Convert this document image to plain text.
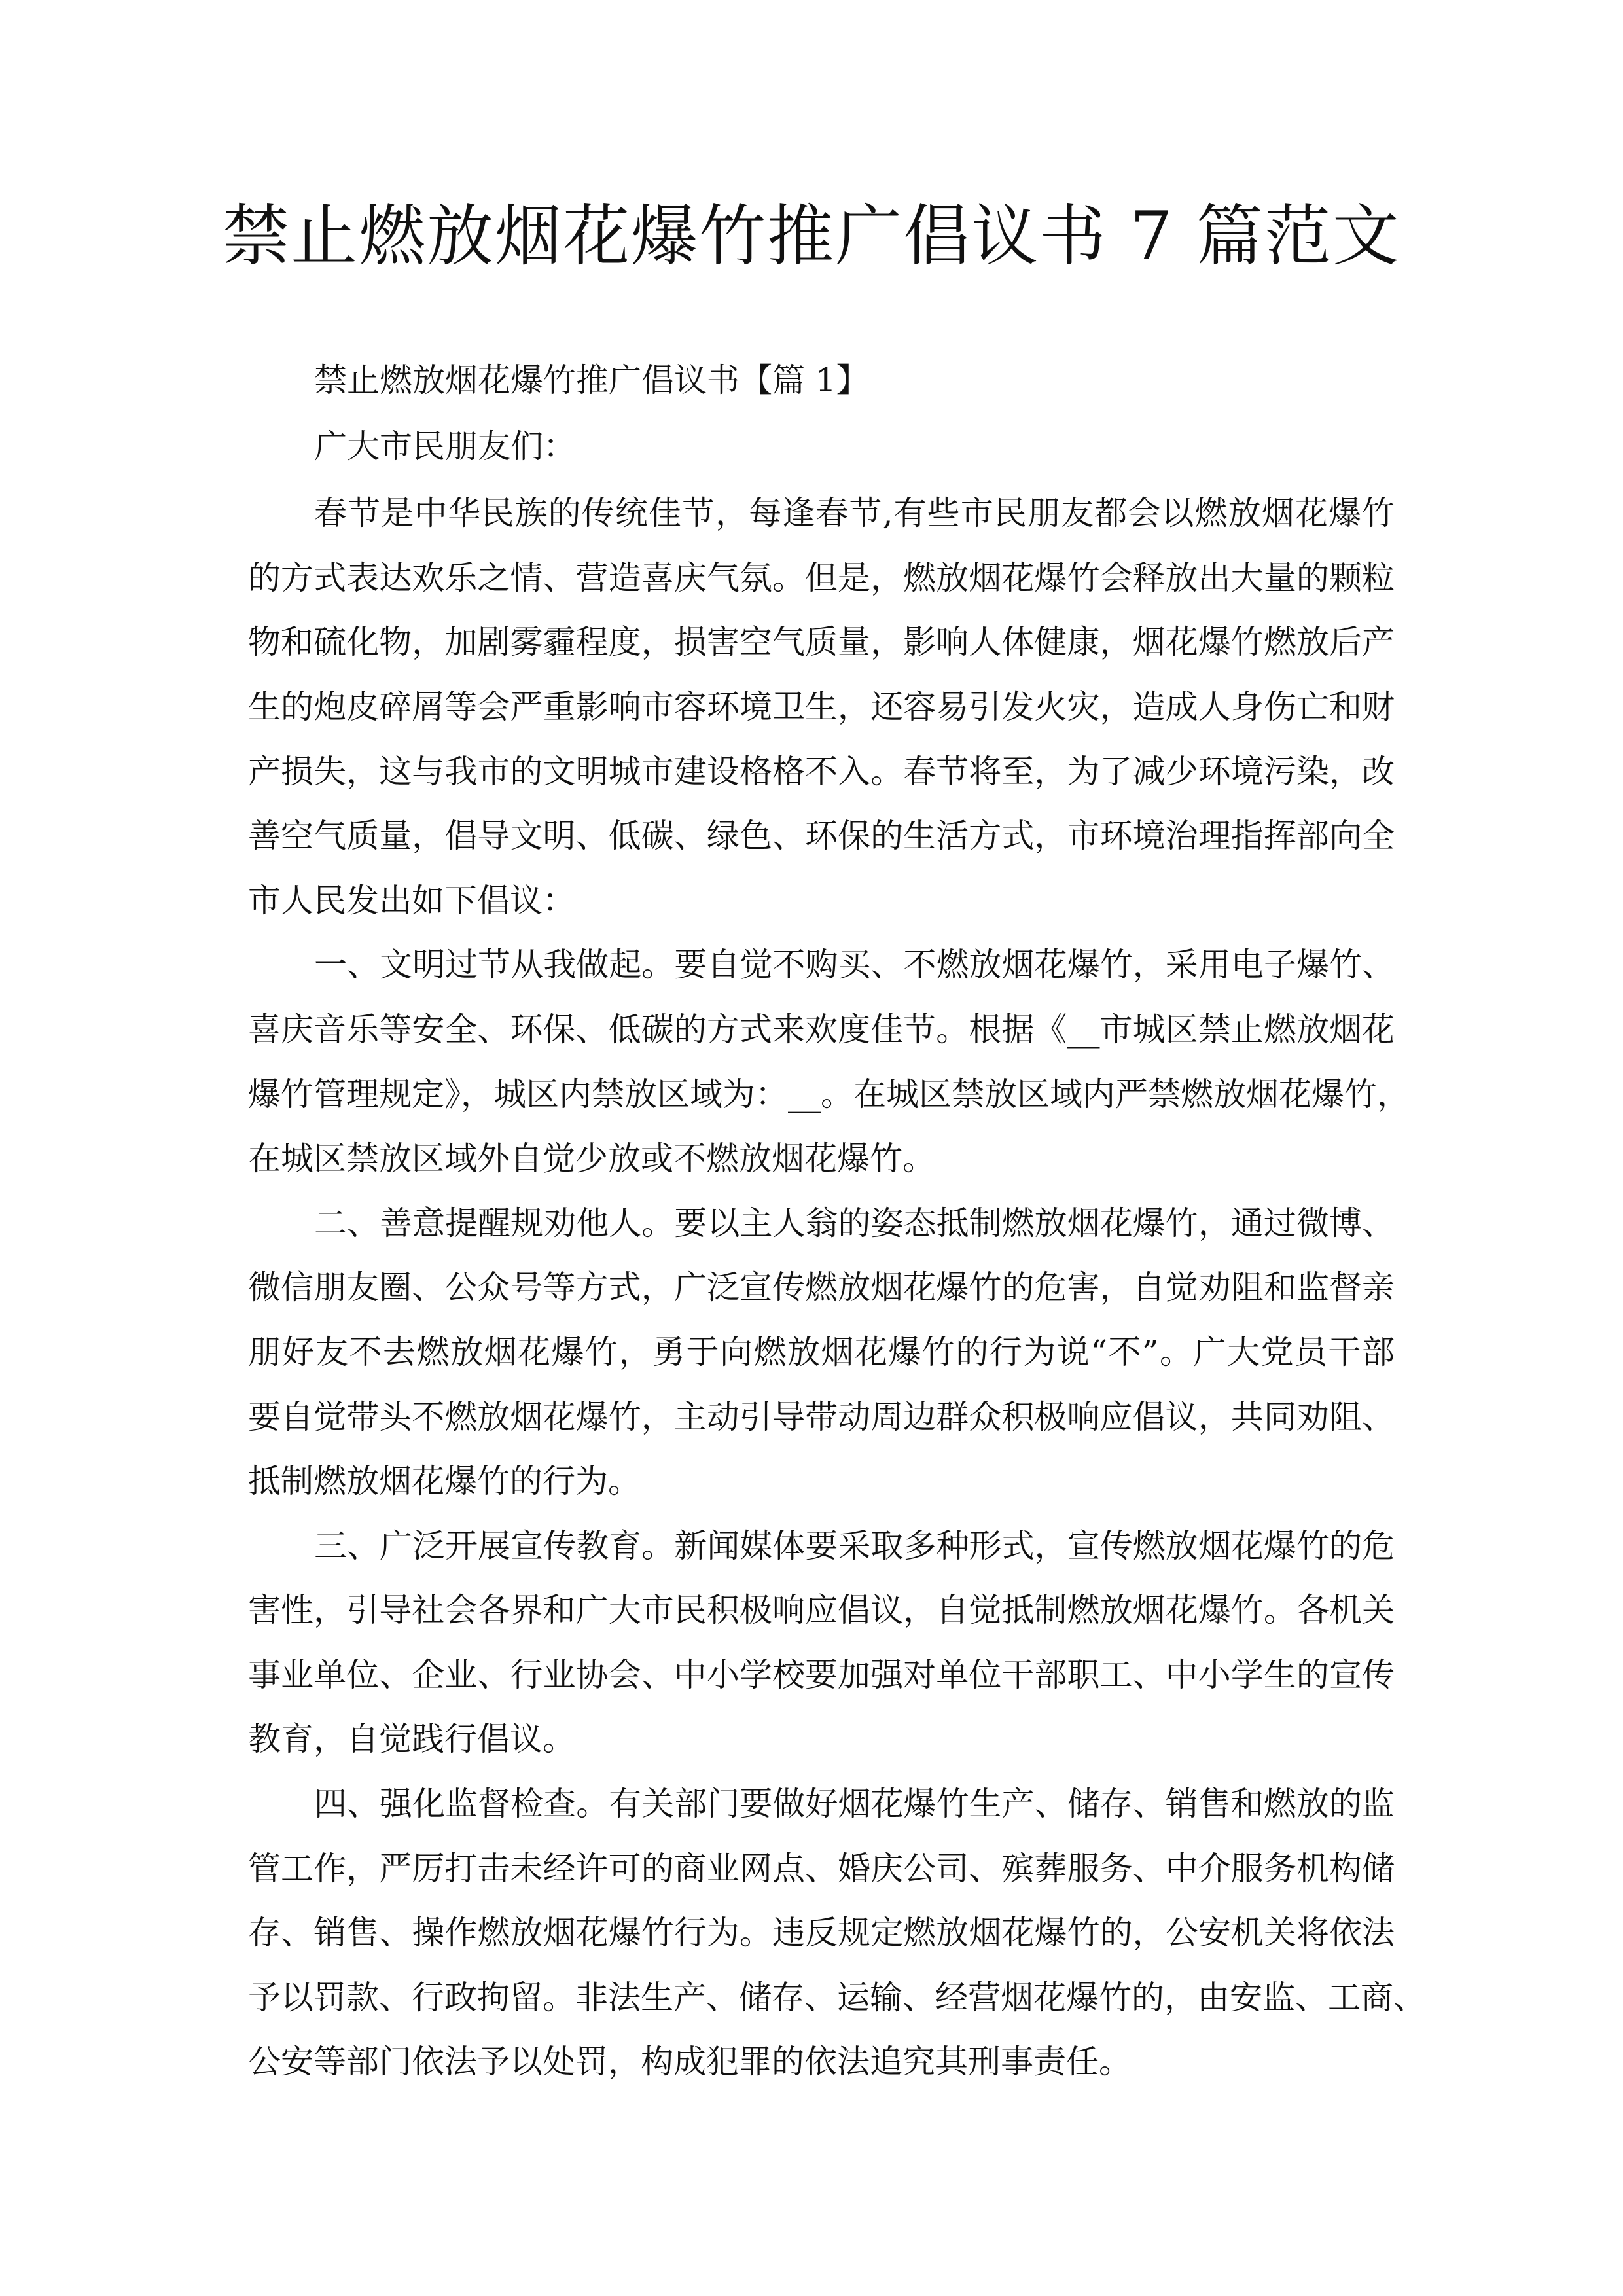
禁止燃放烟花爆竹推广倡议书 7 篇范文
禁止燃放烟花爆竹推广倡议书【篇 1】
广大市民朋友们：
春节是中华民族的传统佳节，每逢春节,有些市民朋友都会以燃放烟花爆竹
的方式表达欢乐之情、营造喜庆气氛。但是，燃放烟花爆竹会释放出大量的颗粒
物和硫化物，加剧雾霾程度，损害空气质量，影响人体健康，烟花爆竹燃放后产
生的炮皮碎屑等会严重影响市容环境卫生，还容易引发火灾，造成人身伤亡和财
产损失，这与我市的文明城市建设格格不入。春节将至，为了减少环境污染，改
善空气质量，倡导文明、低碳、绿色、环保的生活方式，市环境治理指挥部向全
市人民发出如下倡议：
一、文明过节从我做起。要自觉不购买、不燃放烟花爆竹，采用电子爆竹、
喜庆音乐等安全、环保、低碳的方式来欢度佳节。根据《__市城区禁止燃放烟花
爆竹管理规定》，城区内禁放区域为：__。在城区禁放区域内严禁燃放烟花爆竹，
在城区禁放区域外自觉少放或不燃放烟花爆竹。
二、善意提醒规劝他人。要以主人翁的姿态抵制燃放烟花爆竹，通过微博、
微信朋友圈、公众号等方式，广泛宣传燃放烟花爆竹的危害，自觉劝阻和监督亲
朋好友不去燃放烟花爆竹，勇于向燃放烟花爆竹的行为说“不”。广大党员干部
要自觉带头不燃放烟花爆竹，主动引导带动周边群众积极响应倡议，共同劝阻、
抵制燃放烟花爆竹的行为。
三、广泛开展宣传教育。新闻媒体要采取多种形式，宣传燃放烟花爆竹的危
害性，引导社会各界和广大市民积极响应倡议，自觉抵制燃放烟花爆竹。各机关
事业单位、企业、行业协会、中小学校要加强对单位干部职工、中小学生的宣传
教育，自觉践行倡议。
四、强化监督检查。有关部门要做好烟花爆竹生产、储存、销售和燃放的监
管工作，严厉打击未经许可的商业网点、婚庆公司、殡葬服务、中介服务机构储
存、销售、操作燃放烟花爆竹行为。违反规定燃放烟花爆竹的，公安机关将依法
予以罚款、行政拘留。非法生产、储存、运输、经营烟花爆竹的，由安监、工商、
公安等部门依法予以处罚，构成犯罪的依法追究其刑事责任。
